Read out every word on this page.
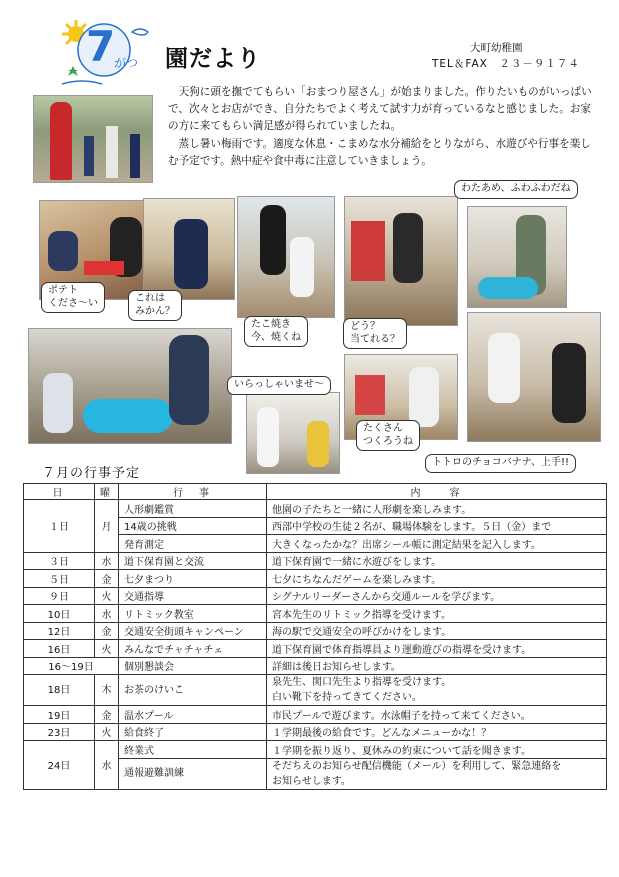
7
がつ 園だより	大町幼稚園
TEL＆FAX　２３－９１７４

天狗に頭を撫でてもらい「おまつり屋さん」が始まりました。作りたいものがいっぱいで、次々とお店ができ、自分たちでよく考えて試す力が育っているなと感じました。お家の方に来てもらい満足感が得られていましたね。

蒸し暑い梅雨です。適度な休息・こまめな水分補給をとりながら、水遊びや行事を楽しむ予定です。熱中症や食中毒に注意していきましょう。

ポテト
くださ〜い	これは
みかん？
たこ焼き
今、焼くね
どう？
当てれる？
わたあめ、ふわふわだね
いらっしゃいませ〜
たくさん
つくろうね
トトロのチョコバナナ、上手!!
７月の行事予定
日	曜	行　事	内　　容
１日	月	人形劇鑑賞	他園の子たちと一緒に人形劇を楽しみます。
		14歳の挑戦	西部中学校の生徒２名が、職場体験をします。５日（金）まで
		発育測定	大きくなったかな？出席シール帳に測定結果を記入します。
３日	水	道下保育園と交流	道下保育園で一緒に水遊びをします。
５日	金	七夕まつり	七夕にちなんだゲームを楽しみます。
９日	火	交通指導	シグナルリーダーさんから交通ルールを学びます。
10日	水	リトミック教室	宮本先生のリトミック指導を受けます。
12日	金	交通安全街頭キャンペーン	海の駅で交通安全の呼びかけをします。
16日	火	みんなでチャチャチェ	道下保育園で体育指導員より運動遊びの指導を受けます。
16〜19日		個別懇談会	詳細は後日お知らせします。
18日	木	お茶のけいこ	泉先生、関口先生より指導を受けます。
白い靴下を持ってきてください。

19日	金	温水プール	市民プールで遊びます。水泳帽子を持って来てください。
23日	火	給食終了	１学期最後の給食です。どんなメニューかな！？
24日	水	終業式	１学期を振り返り、夏休みの約束について話を聞きます。
		通報避難訓練	そだちえのお知らせ配信機能（メール）を利用して、緊急連絡を
お知らせします。
